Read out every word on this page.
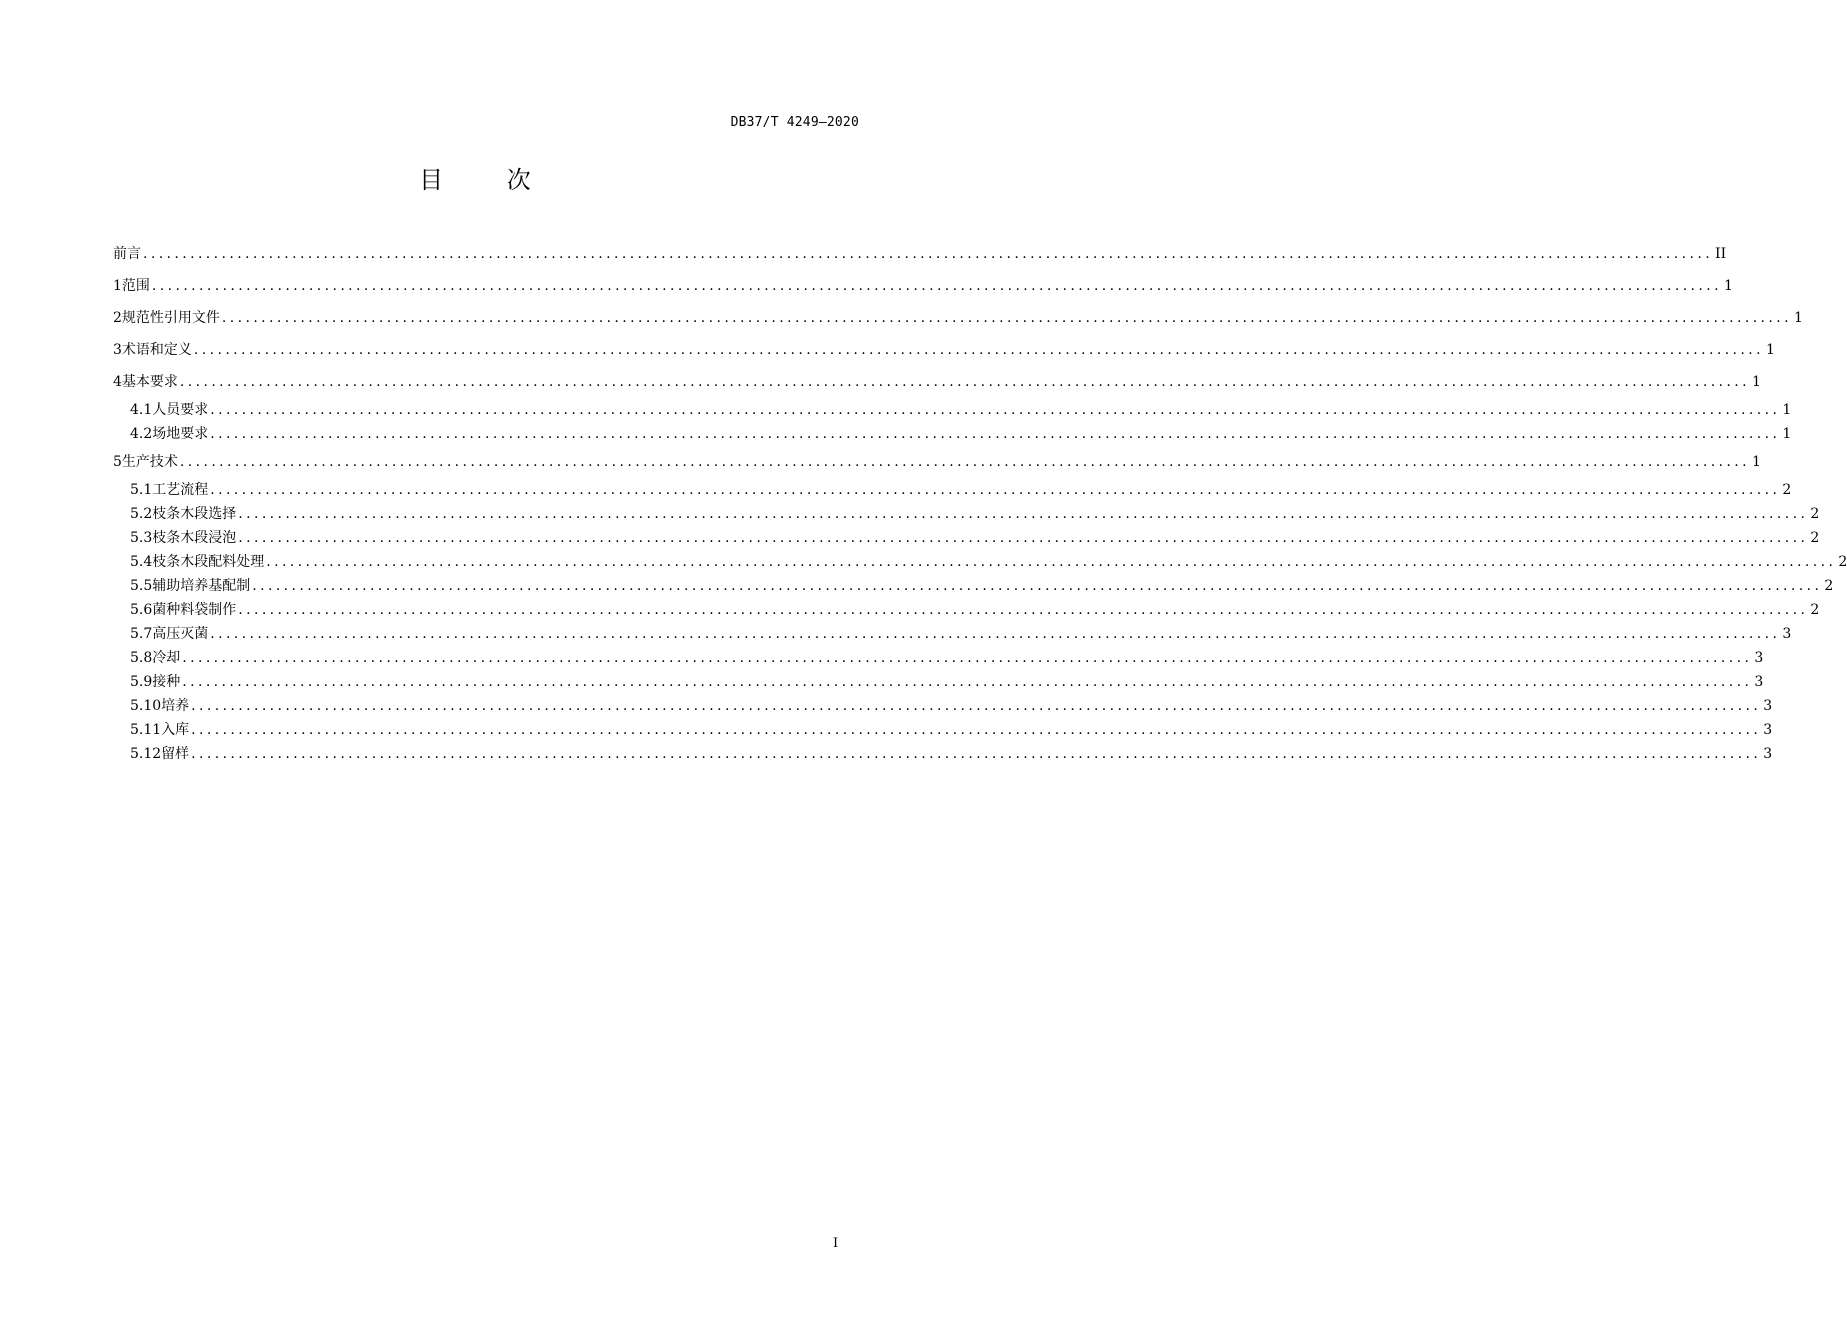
DB37/T 4249—2020
目 次
前言 ........................................................................................................................................................................................................ II
1 范围 ........................................................................................................................................................................................................ 1
2 规范性引用文件 ........................................................................................................................................................................................................ 1
3 术语和定义 ........................................................................................................................................................................................................ 1
4 基本要求 ........................................................................................................................................................................................................ 1
4.1 人员要求 ........................................................................................................................................................................................................ 1
4.2 场地要求 ........................................................................................................................................................................................................ 1
5 生产技术 ........................................................................................................................................................................................................ 1
5.1 工艺流程 ........................................................................................................................................................................................................ 2
5.2 枝条木段选择 ........................................................................................................................................................................................................ 2
5.3 枝条木段浸泡 ........................................................................................................................................................................................................ 2
5.4 枝条木段配料处理 ........................................................................................................................................................................................................ 2
5.5 辅助培养基配制 ........................................................................................................................................................................................................ 2
5.6 菌种料袋制作 ........................................................................................................................................................................................................ 2
5.7 高压灭菌 ........................................................................................................................................................................................................ 3
5.8 冷却 ........................................................................................................................................................................................................ 3
5.9 接种 ........................................................................................................................................................................................................ 3
5.10 培养 ........................................................................................................................................................................................................ 3
5.11 入库 ........................................................................................................................................................................................................ 3
5.12 留样 ........................................................................................................................................................................................................ 3
I
